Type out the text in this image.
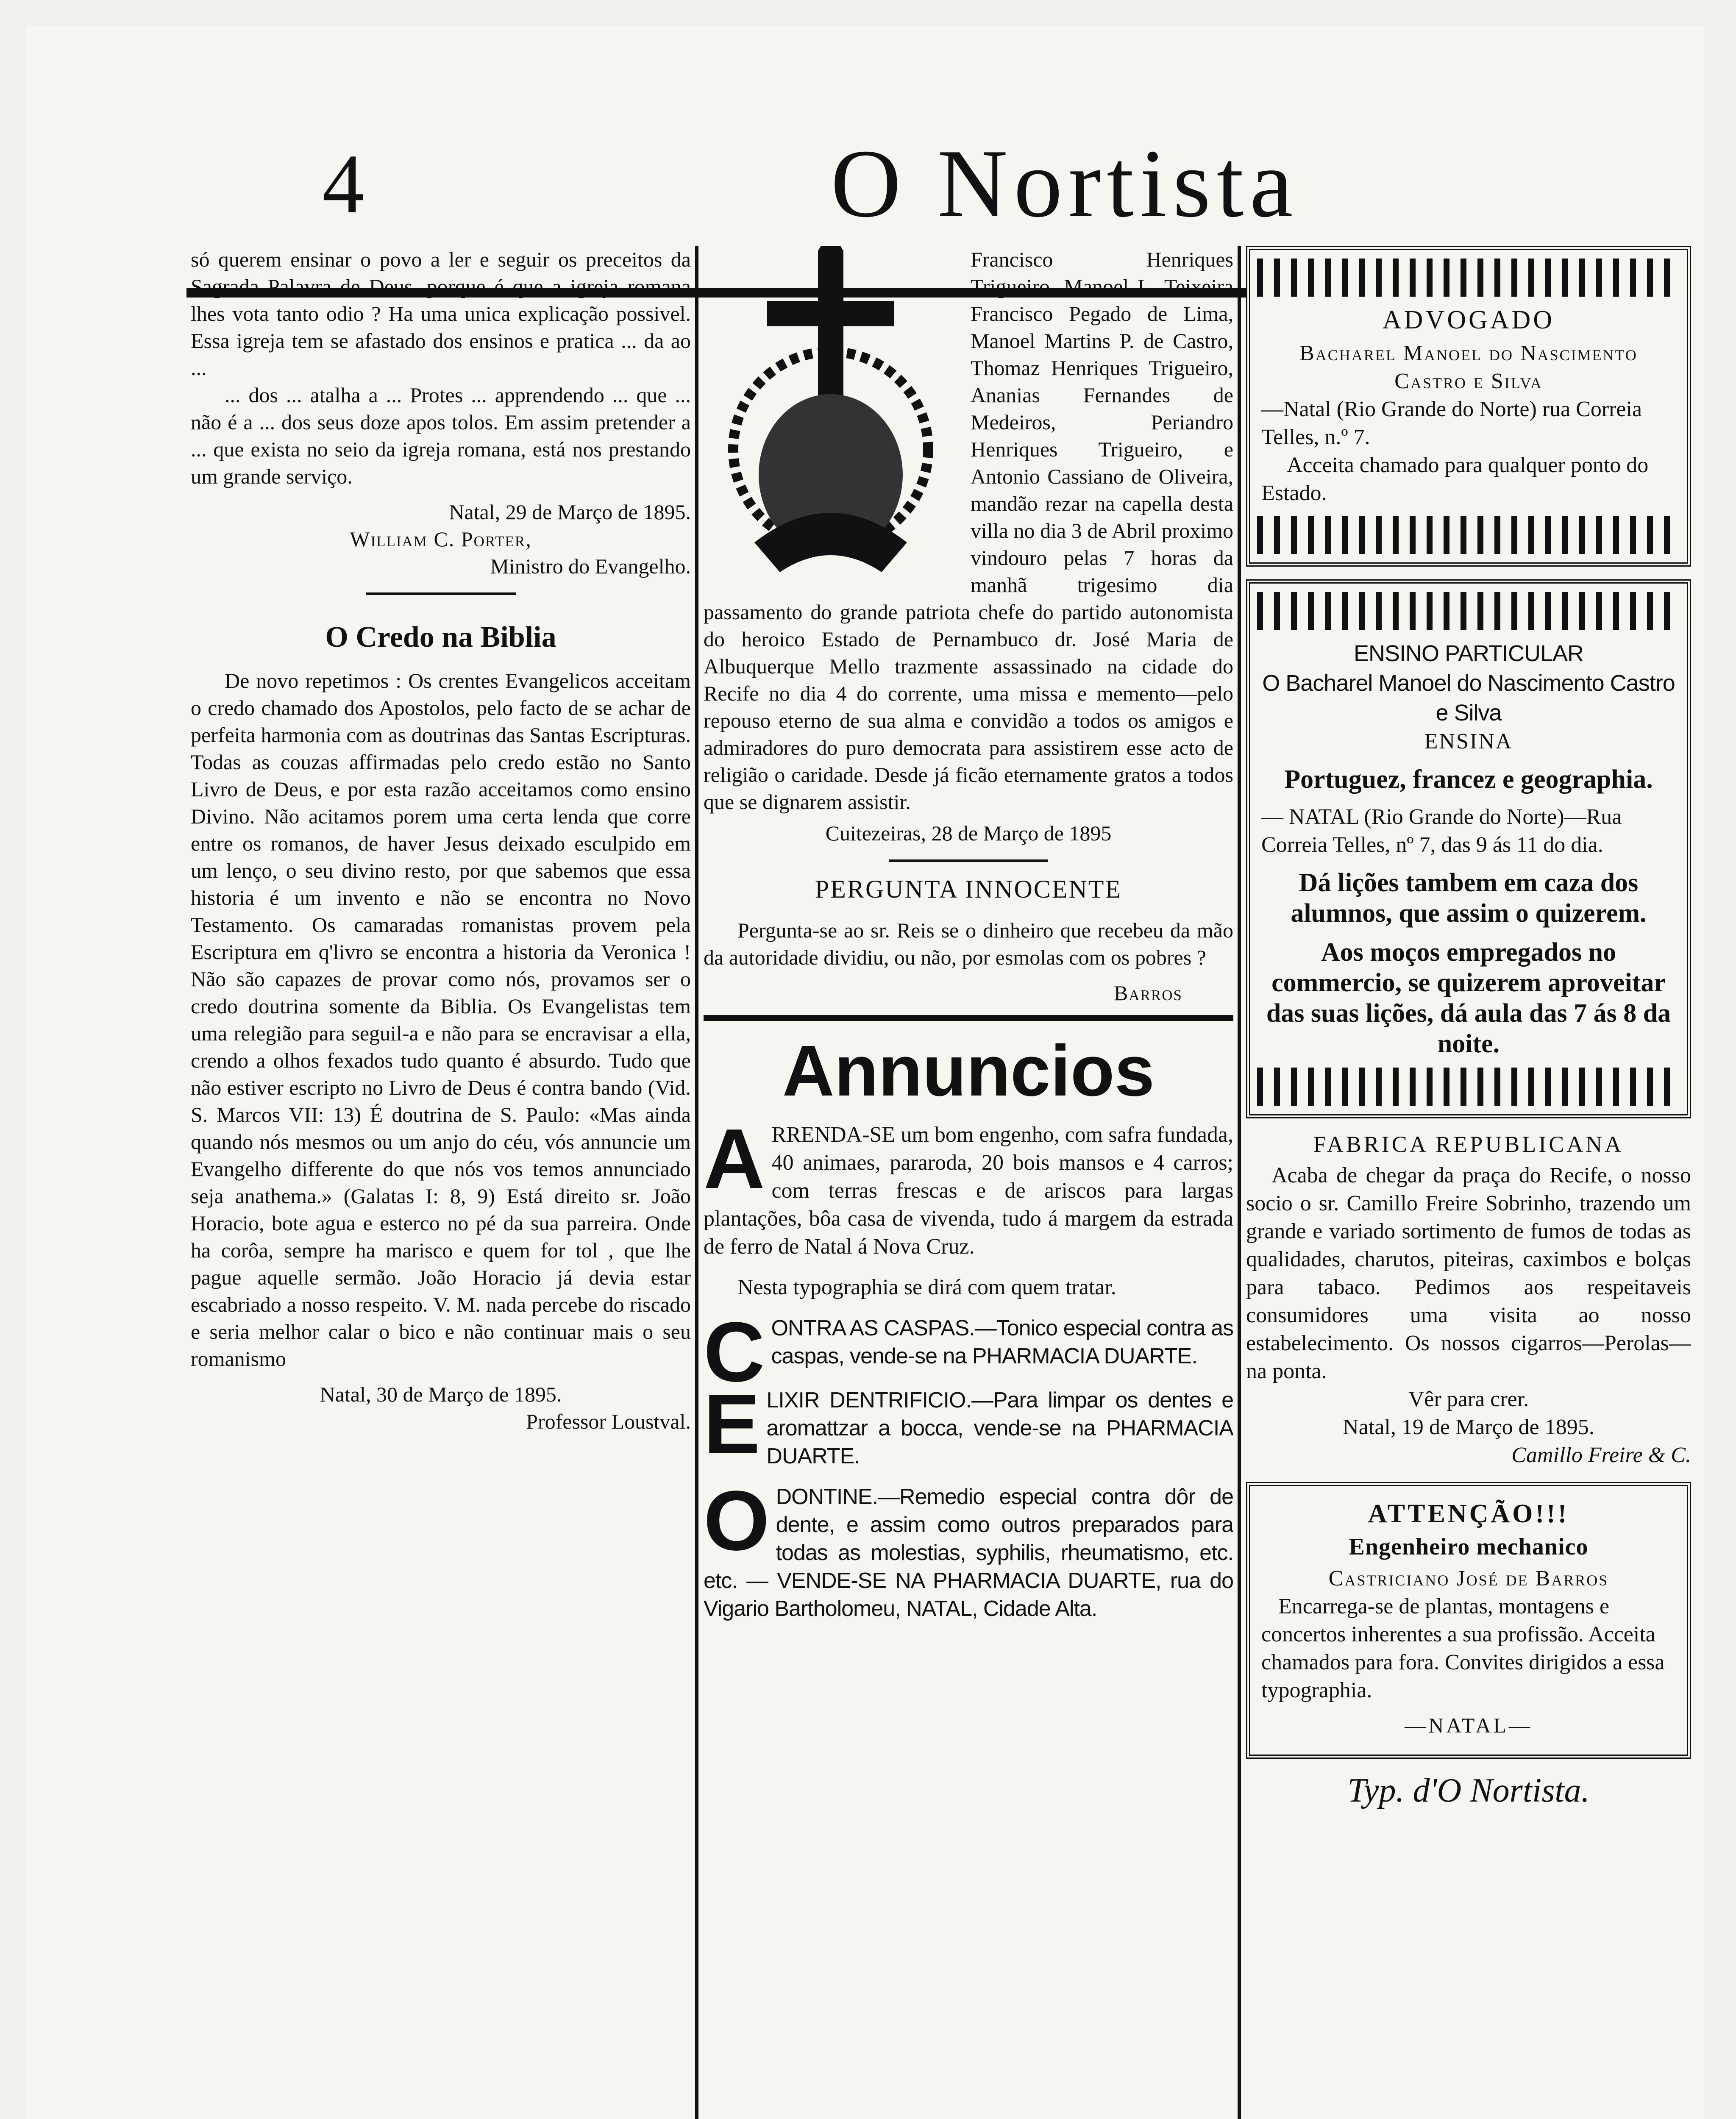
4	O Nortista

só querem ensinar o povo a ler e seguir os preceitos da Sagrada Palavra de Deus, porque é que a igreja romana lhes vota tanto odio ? Ha uma unica explicação possivel. Essa igreja tem se afastado dos ensinos e pratica ... da ao ...

... dos ... atalha a ... Protes ... apprendendo ... que ... não é a ... dos seus doze apos tolos. Em assim pretender a ... que exista no seio da igreja romana, está nos prestando um grande serviço.

Natal, 29 de Março de 1895.

William C. Porter,

Ministro do Evangelho.

O Credo na Biblia

De novo repetimos : Os crentes Evangelicos acceitam o credo chamado dos Apostolos, pelo facto de se achar de perfeita harmonia com as doutrinas das Santas Escripturas. Todas as couzas affirmadas pelo credo estão no Santo Livro de Deus, e por esta razão acceitamos como ensino Divino. Não acitamos porem uma certa lenda que corre entre os romanos, de haver Jesus deixado esculpido em um lenço, o seu divino resto, por que sabemos que essa historia é um invento e não se encontra no Novo Testamento. Os camaradas romanistas provem pela Escriptura em q'livro se encontra a historia da Veronica ! Não são capazes de provar como nós, provamos ser o credo doutrina somente da Biblia. Os Evangelistas tem uma relegião para seguil-a e não para se encravisar a ella, crendo a olhos fexados tudo quanto é absurdo. Tudo que não estiver escripto no Livro de Deus é contra bando (Vid. S. Marcos VII: 13) É doutrina de S. Paulo: «Mas ainda quando nós mesmos ou um anjo do céu, vós annuncie um Evangelho differente do que nós vos temos annunciado seja anathema.» (Galatas I: 8, 9) Está direito sr. João Horacio, bote agua e esterco no pé da sua parreira. Onde ha corôa, sempre ha marisco e quem for tol , que lhe pague aquelle sermão. João Horacio já devia estar escabriado a nosso respeito. V. M. nada percebe do riscado e seria melhor calar o bico e não continuar mais o seu romanismo

Natal, 30 de Março de 1895.

Professor Loustval.

Francisco Henriques Trigueiro, Manoel L. Teixeira Francisco Pegado de Lima, Manoel Martins P. de Castro, Thomaz Henriques Trigueiro, Ananias Fernandes de Medeiros, Periandro Henriques Trigueiro, e Antonio Cassiano de Oliveira, mandão rezar na capella desta villa no dia 3 de Abril proximo vindouro pelas 7 horas da manhã trigesimo dia passamento do grande patriota chefe do partido autonomista do heroico Estado de Pernambuco dr. José Maria de Albuquerque Mello trazmente assassinado na cidade do Recife no dia 4 do corrente, uma missa e memento—pelo repouso eterno de sua alma e convidão a todos os amigos e admiradores do puro democrata para assistirem esse acto de religião o caridade. Desde já ficão eternamente gratos a todos que se dignarem assistir.

Cuitezeiras, 28 de Março de 1895

PERGUNTA INNOCENTE

Pergunta-se ao sr. Reis se o dinheiro que recebeu da mão da autoridade dividiu, ou não, por esmolas com os pobres ?

Barros

Annuncios

A RRENDA-SE um bom engenho, com safra fundada, 40 animaes, pararoda, 20 bois mansos e 4 carros; com terras frescas e de ariscos para largas plantações, bôa casa de vivenda, tudo á margem da estrada de ferro de Natal á Nova Cruz.

Nesta typographia se dirá com quem tratar.

C ONTRA AS CASPAS.—Tonico especial contra as caspas, vende-se na PHARMACIA DUARTE.

E LIXIR DENTRIFICIO.—Para limpar os dentes e aromattzar a bocca, vende-se na PHARMACIA DUARTE.

O DONTINE.—Remedio especial contra dôr de dente, e assim como outros preparados para todas as molestias, syphilis, rheumatismo, etc. etc. — VENDE-SE NA PHARMACIA DUARTE, rua do Vigario Bartholomeu, NATAL, Cidade Alta.

ADVOGADO

Bacharel Manoel do Nascimento Castro e Silva

—Natal (Rio Grande do Norte) rua Correia Telles, n.º 7.

Acceita chamado para qualquer ponto do Estado.

ENSINO PARTICULAR

O Bacharel Manoel do Nascimento Castro e Silva

ENSINA

Portuguez, francez e geographia.

— NATAL (Rio Grande do Norte)—Rua Correia Telles, nº 7, das 9 ás 11 do dia.

Dá lições tambem em caza dos alumnos, que assim o quizerem.

Aos moços empregados no commercio, se quizerem aproveitar das suas lições, dá aula das 7 ás 8 da noite.

FABRICA REPUBLICANA

Acaba de chegar da praça do Recife, o nosso socio o sr. Camillo Freire Sobrinho, trazendo um grande e variado sortimento de fumos de todas as qualidades, charutos, piteiras, caximbos e bolças para tabaco. Pedimos aos respeitaveis consumidores uma visita ao nosso estabelecimento. Os nossos cigarros—Perolas—na ponta.

Vêr para crer.

Natal, 19 de Março de 1895.

Camillo Freire & C.

ATTENÇÃO!!!

Engenheiro mechanico

Castriciano José de Barros

Encarrega-se de plantas, montagens e concertos inherentes a sua profissão. Acceita chamados para fora. Convites dirigidos a essa typographia.

—NATAL—

Typ. d'O Nortista.
